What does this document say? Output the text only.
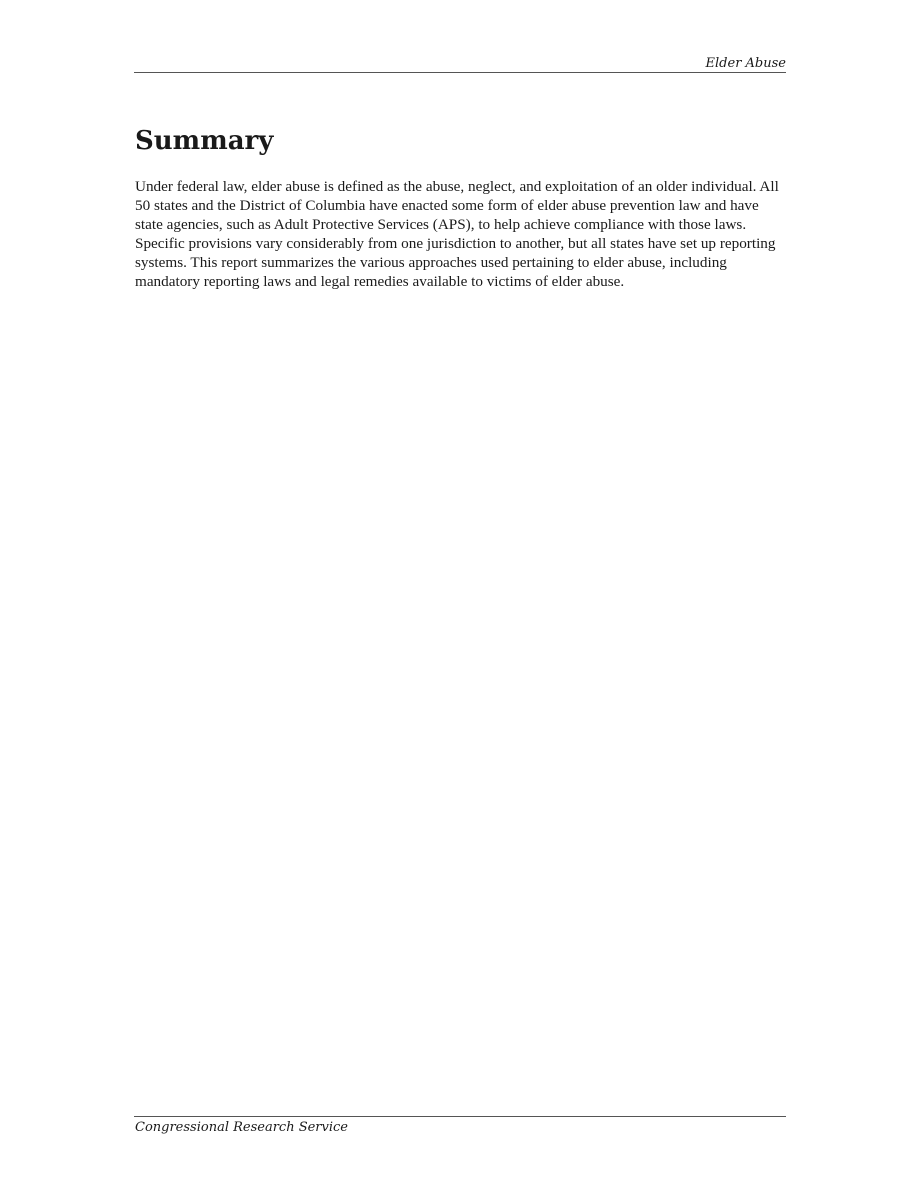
Elder Abuse
Summary

Under federal law, elder abuse is defined as the abuse, neglect, and exploitation of an older individual. All 50 states and the District of Columbia have enacted some form of elder abuse prevention law and have state agencies, such as Adult Protective Services (APS), to help achieve compliance with those laws. Specific provisions vary considerably from one jurisdiction to another, but all states have set up reporting systems. This report summarizes the various approaches used pertaining to elder abuse, including mandatory reporting laws and legal remedies available to victims of elder abuse.

Congressional Research Service
